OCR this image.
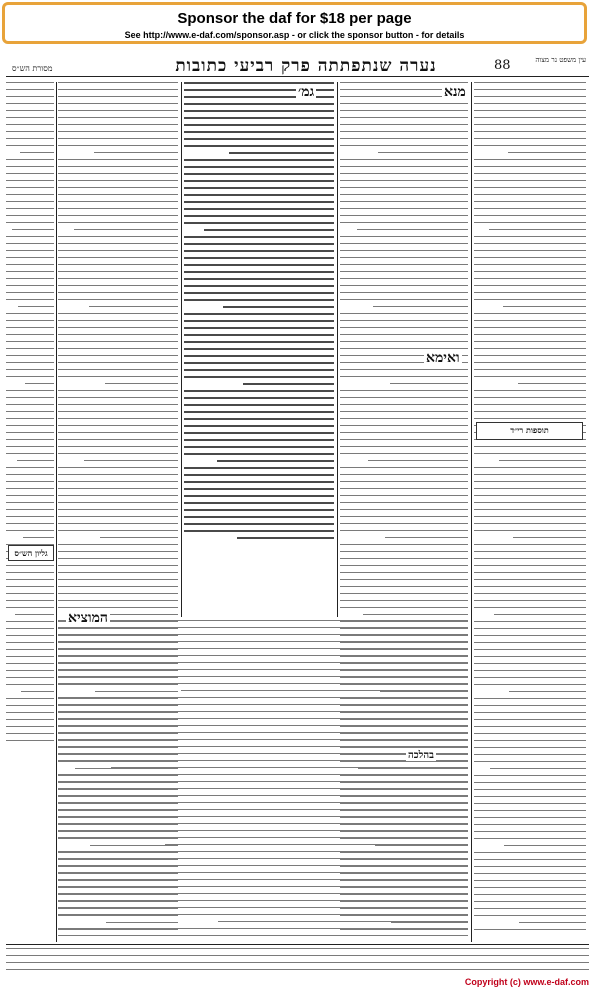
Sponsor the daf for $18 per page
See http://www.e-daf.com/sponsor.asp - or click the sponsor button - for details
מסורת הש״ס	נערה שנתפתתה פרק רביעי כתובות	88	עין משפט נר מצוה
מנא
גמ׳
ואימא
בהלכה
המוציא
תוספות רי״ד
גליון הש״ס
Copyright (c) www.e-daf.com
